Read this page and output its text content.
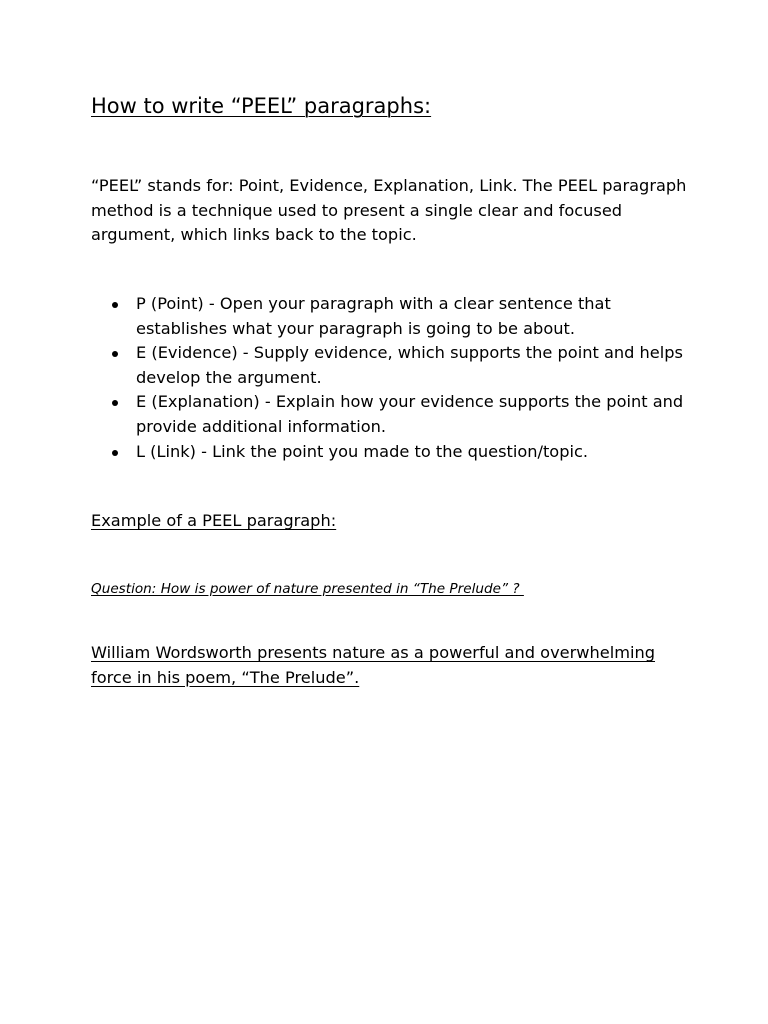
How to write “PEEL” paragraphs:

“PEEL” stands for: Point, Evidence, Explanation, Link. The PEEL paragraph method is a technique used to present a single clear and focused argument, which links back to the topic.

P (Point) - Open your paragraph with a clear sentence that establishes what your paragraph is going to be about.
E (Evidence) - Supply evidence, which supports the point and helps develop the argument.
E (Explanation) - Explain how your evidence supports the point and provide additional information.
L (Link) - Link the point you made to the question/topic.
Example of a PEEL paragraph:
Question: How is power of nature presented in “The Prelude” ?

William Wordsworth presents nature as a powerful and overwhelming force in his poem, “The Prelude”.
